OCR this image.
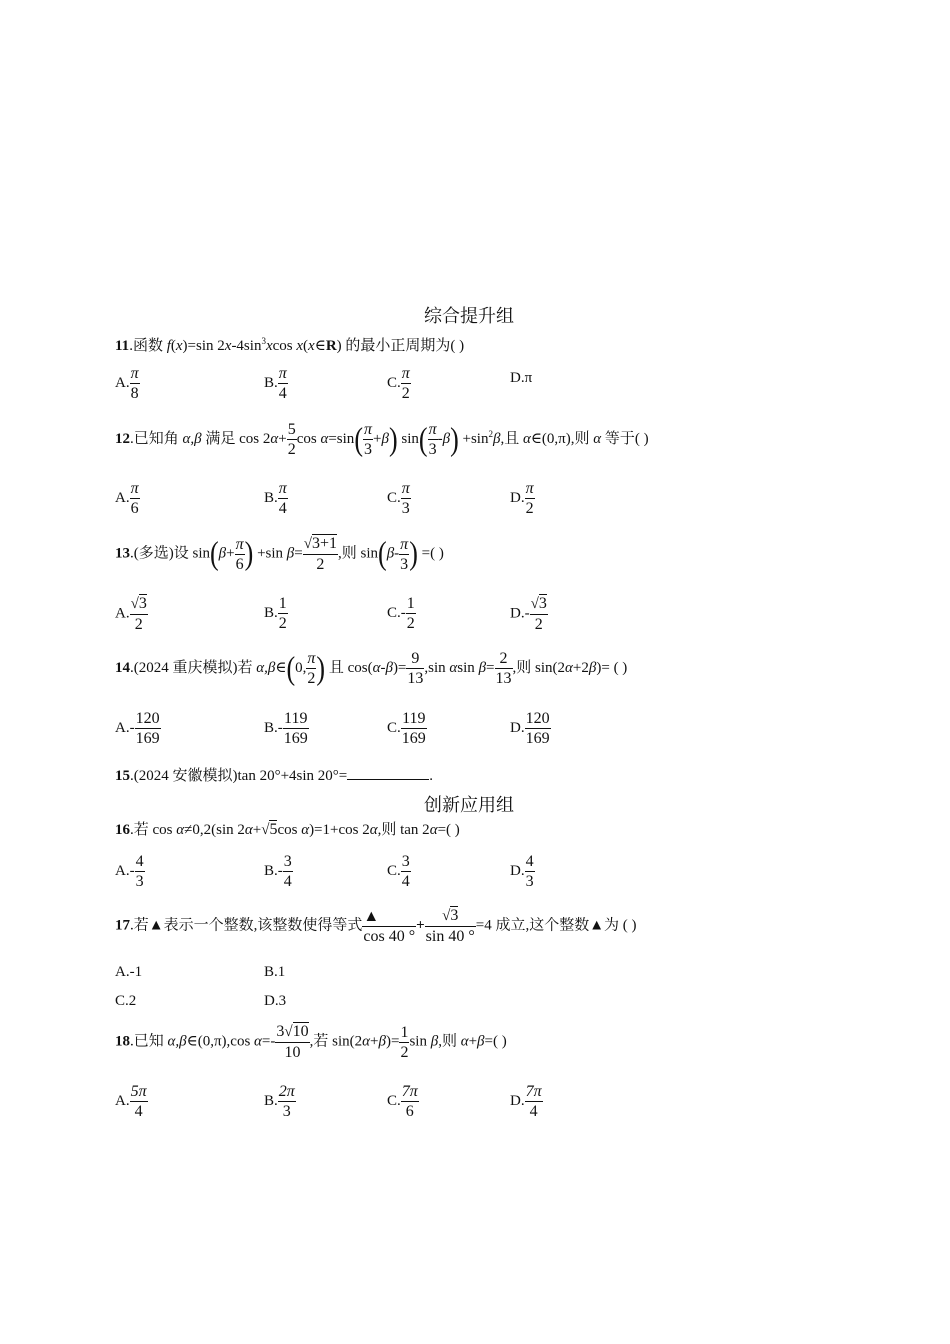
综合提升组
11.函数 f(x)=sin $2x-4\sin^3xcos$ x(x∈R) 的最小正周期为( )
A. $\frac{\pi}{8}$	B. $\frac{\pi}{4}$	C. $\frac{\pi}{2}$	D.π
12.已知角 α,β 满足 $\cos 2\alpha+ \frac{5}{2}$ $\cos \alpha=\sin( \frac{\pi}{3} +\beta)$ $\sin( \frac{\pi}{3} -\beta) +\sin^2\beta$,且 α∈(0,π),则 α 等于( )
A. $\frac{\pi}{6}$	B. $\frac{\pi}{4}$	C. $\frac{\pi}{3}$	D. $\frac{\pi}{2}$
13.(多选)设 $\sin(\beta+ \frac{\pi}{6}$ ) +sin $\beta= \frac{√3+1}{2}$ ,则 $\sin(\beta- \frac{\pi}{3}$ ) =( )
A. $\frac{√3}{2}$	B. $\frac{1}{2}$	$C.- \frac{1}{2}$	$D.- \frac{√3}{2}$
14.(2024 重庆模拟)若 α,β∈(0, $\frac{\pi}{2}$ ) 且 $\cos(\alpha-\beta)= \frac{9}{13} ,\sin$ αsin $\beta= \frac{2}{13}$ ,则 sin(2α+2β)= ( )
$A.- \frac{120}{169}$	$B.- \frac{119}{169}$	C. $\frac{119}{169}$	D. $\frac{120}{169}$
15.(2024 安徽模拟)tan 20°+4sin 20°=	.
创新应用组
16.若 cos α≠0,2(sin 2α+√5cos α)=1+cos 2α,则 tan 2α=( )
$A.- \frac{4}{3}$	$B.- \frac{3}{4}$	C. $\frac{3}{4}$	D. $\frac{4}{3}$
17.若▲表示一个整数,该整数使得等式 $\frac{▲}{\cos 40 ^\circ} + \frac{√3}{\sin 40 ^\circ} =4$ 成立,这个整数▲为 ( )
A.-1	B.1
C.2	D.3
18.已知 α,β∈(0,π),cos $\alpha=- \frac{3√10}{10}$ ,若 $\sin(2\alpha+\beta)= \frac{1}{2}$ sin β,则 α+β=( )
A. $\frac{5\pi}{4}$	B. $\frac{2\pi}{3}$	C. $\frac{7\pi}{6}$	D. $\frac{7\pi}{4}$
